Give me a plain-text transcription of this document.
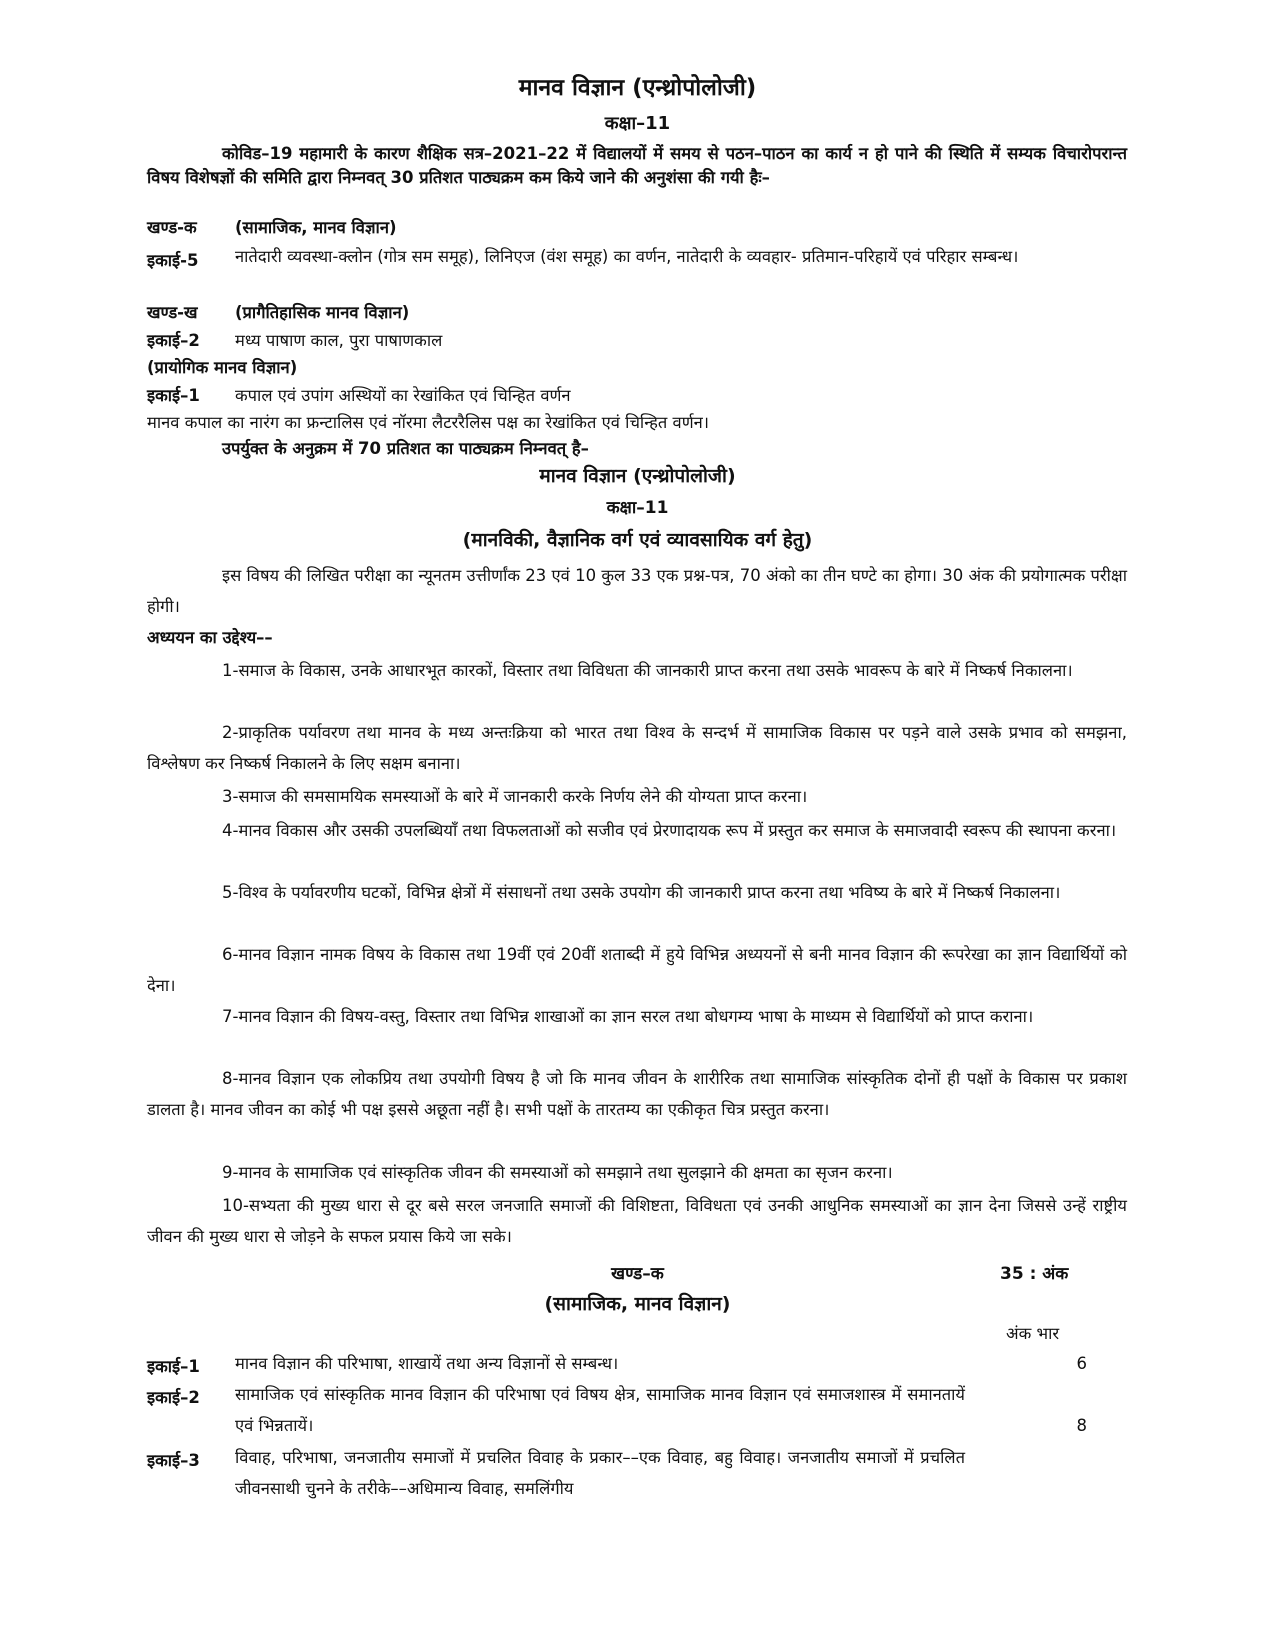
मानव विज्ञान (एन्थ्रोपोलोजी)
कक्षा–11
कोविड–19 महामारी के कारण शैक्षिक सत्र–2021–22 में विद्यालयों में समय से पठन–पाठन का कार्य न हो पाने की स्थिति में सम्यक विचारोपरान्त विषय विशेषज्ञों की समिति द्वारा निम्नवत् 30 प्रतिशत पाठ्यक्रम कम किये जाने की अनुशंसा की गयी हैः–
खण्ड-क (सामाजिक, मानव विज्ञान)
इकाई-5	नातेदारी व्यवस्था-क्लोन (गोत्र सम समूह), लिनिएज (वंश समूह) का वर्णन, नातेदारी के व्यवहार- प्रतिमान-परिहायें एवं परिहार सम्बन्ध।
खण्ड-ख (प्रागैतिहासिक मानव विज्ञान)
इकाई–2 मध्य पाषाण काल, पुरा पाषाणकाल
(प्रायोगिक मानव विज्ञान)
इकाई–1 कपाल एवं उपांग अस्थियों का रेखांकित एवं चिन्हित वर्णन
मानव कपाल का नारंग का फ्रन्टालिस एवं नॉरमा लैटररैलिस पक्ष का रेखांकित एवं चिन्हित वर्णन।
उपर्युक्त के अनुक्रम में 70 प्रतिशत का पाठ्यक्रम निम्नवत् है–
मानव विज्ञान (एन्थ्रोपोलोजी)
कक्षा–11
(मानविकी, वैज्ञानिक वर्ग एवं व्यावसायिक वर्ग हेतु)
इस विषय की लिखित परीक्षा का न्यूनतम उत्तीर्णांक 23 एवं 10 कुल 33 एक प्रश्न-पत्र, 70 अंको का तीन घण्टे का होगा। 30 अंक की प्रयोगात्मक परीक्षा होगी।
अध्ययन का उद्देश्य––
1-समाज के विकास, उनके आधारभूत कारकों, विस्तार तथा विविधता की जानकारी प्राप्त करना तथा उसके भावरूप के बारे में निष्कर्ष निकालना।
2-प्राकृतिक पर्यावरण तथा मानव के मध्य अन्तःक्रिया को भारत तथा विश्व के सन्दर्भ में सामाजिक विकास पर पड़ने वाले उसके प्रभाव को समझना, विश्लेषण कर निष्कर्ष निकालने के लिए सक्षम बनाना।
3-समाज की समसामयिक समस्याओं के बारे में जानकारी करके निर्णय लेने की योग्यता प्राप्त करना।
4-मानव विकास और उसकी उपलब्धियाँ तथा विफलताओं को सजीव एवं प्रेरणादायक रूप में प्रस्तुत कर समाज के समाजवादी स्वरूप की स्थापना करना।
5-विश्व के पर्यावरणीय घटकों, विभिन्न क्षेत्रों में संसाधनों तथा उसके उपयोग की जानकारी प्राप्त करना तथा भविष्य के बारे में निष्कर्ष निकालना।
6-मानव विज्ञान नामक विषय के विकास तथा 19वीं एवं 20वीं शताब्दी में हुये विभिन्न अध्ययनों से बनी मानव विज्ञान की रूपरेखा का ज्ञान विद्यार्थियों को देना।
7-मानव विज्ञान की विषय-वस्तु, विस्तार तथा विभिन्न शाखाओं का ज्ञान सरल तथा बोधगम्य भाषा के माध्यम से विद्यार्थियों को प्राप्त कराना।
8-मानव विज्ञान एक लोकप्रिय तथा उपयोगी विषय है जो कि मानव जीवन के शारीरिक तथा सामाजिक सांस्कृतिक दोनों ही पक्षों के विकास पर प्रकाश डालता है। मानव जीवन का कोई भी पक्ष इससे अछूता नहीं है। सभी पक्षों के तारतम्य का एकीकृत चित्र प्रस्तुत करना।
9-मानव के सामाजिक एवं सांस्कृतिक जीवन की समस्याओं को समझाने तथा सुलझाने की क्षमता का सृजन करना।
10-सभ्यता की मुख्य धारा से दूर बसे सरल जनजाति समाजों की विशिष्टता, विविधता एवं उनकी आधुनिक समस्याओं का ज्ञान देना जिससे उन्हें राष्ट्रीय जीवन की मुख्य धारा से जोड़ने के सफल प्रयास किये जा सके।
खण्ड–क	35 : अंक
(सामाजिक, मानव विज्ञान)
अंक भार
इकाई–1	मानव विज्ञान की परिभाषा, शाखायें तथा अन्य विज्ञानों से सम्बन्ध।	6
इकाई–2	सामाजिक एवं सांस्कृतिक मानव विज्ञान की परिभाषा एवं विषय क्षेत्र, सामाजिक मानव विज्ञान एवं समाजशास्त्र में समानतायें एवं भिन्नतायें।	8
इकाई–3	विवाह, परिभाषा, जनजातीय समाजों में प्रचलित विवाह के प्रकार––एक विवाह, बहु विवाह। जनजातीय समाजों में प्रचलित जीवनसाथी चुनने के तरीके––अधिमान्य विवाह, समलिंगीय
